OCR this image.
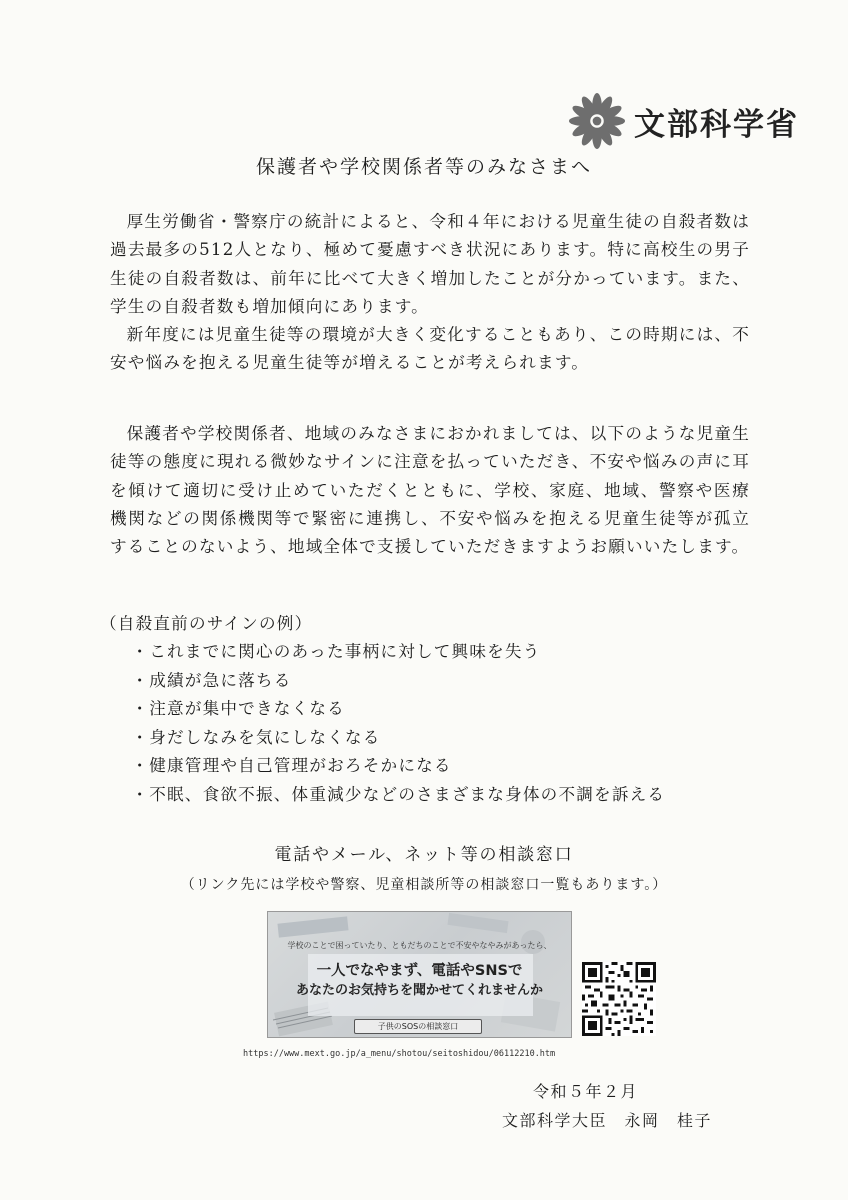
文部科学省
保護者や学校関係者等のみなさまへ

厚生労働省・警察庁の統計によると、令和４年における児童生徒の自殺者数は過去最多の512人となり、極めて憂慮すべき状況にあります。特に高校生の男子生徒の自殺者数は、前年に比べて大きく増加したことが分かっています。また、学生の自殺者数も増加傾向にあります。

新年度には児童生徒等の環境が大きく変化することもあり、この時期には、不安や悩みを抱える児童生徒等が増えることが考えられます。

保護者や学校関係者、地域のみなさまにおかれましては、以下のような児童生徒等の態度に現れる微妙なサインに注意を払っていただき、不安や悩みの声に耳を傾けて適切に受け止めていただくとともに、学校、家庭、地域、警察や医療機関などの関係機関等で緊密に連携し、不安や悩みを抱える児童生徒等が孤立することのないよう、地域全体で支援していただきますようお願いいたします。

（自殺直前のサインの例）
・ これまでに関心のあった事柄に対して興味を失う
・ 成績が急に落ちる
・ 注意が集中できなくなる
・ 身だしなみを気にしなくなる
・ 健康管理や自己管理がおろそかになる
・ 不眠、食欲不振、体重減少などのさまざまな身体の不調を訴える
電話やメール、ネット等の相談窓口
（リンク先には学校や警察、児童相談所等の相談窓口一覧もあります。）
学校のことで困っていたり、ともだちのことで不安やなやみがあったら、
一人でなやまず、電話やSNSで
あなたのお気持ちを聞かせてくれませんか
子供のSOSの相談窓口
https://www.mext.go.jp/a_menu/shotou/seitoshidou/06112210.htm
令和５年２月
文部科学大臣　永岡　桂子
